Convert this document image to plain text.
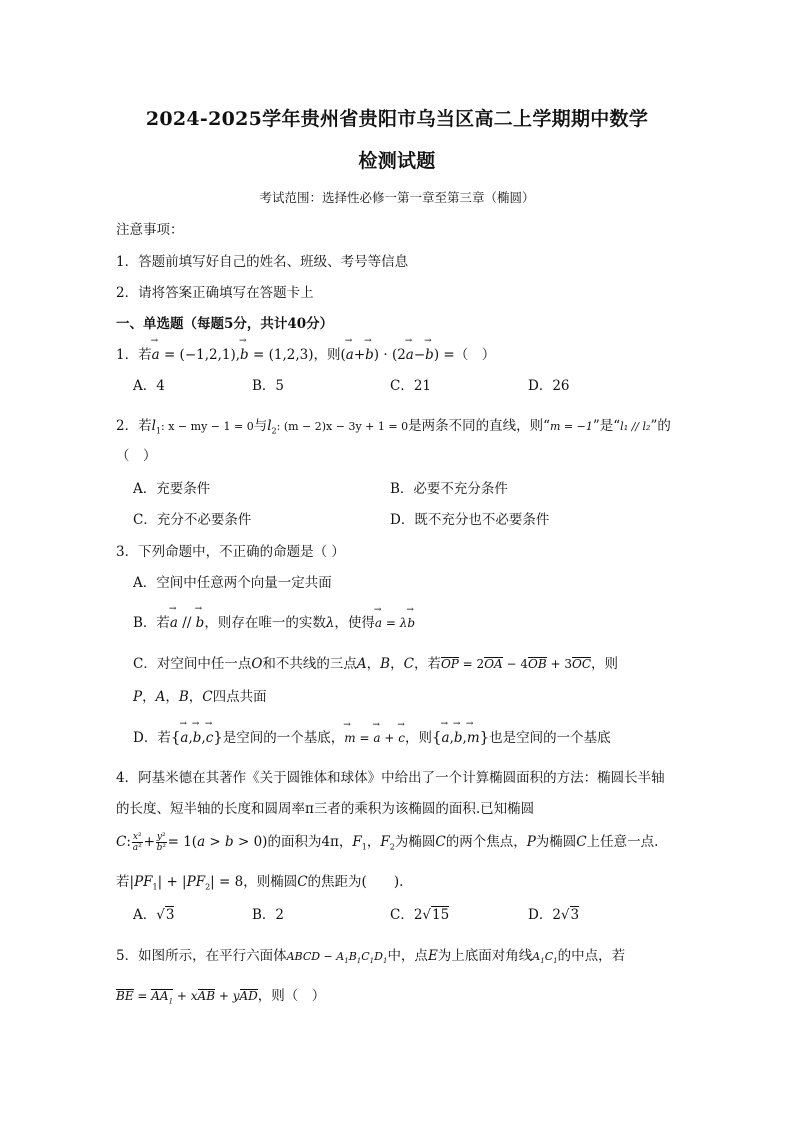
2024-2025学年贵州省贵阳市乌当区高二上学期期中数学
检测试题
考试范围：选择性必修一第一章至第三章（椭圆）
注意事项：
1．答题前填写好自己的姓名、班级、考号等信息
2．请将答案正确填写在答题卡上
一、单选题（每题5分，共计40分）
1．若→ a = (−1,2,1),→ b = (1,2,3)，则(→ a+→ b) · (2→ a−→ b) =（　）
A．4	B．5	C．21	D．26
2．若$l_1$: x − my − 1 = 0与$l_2$: (m − 2)x − 3y + 1 = 0是两条不同的直线，则“m = −1”是“l₁ // l₂”的
（　）
A．充要条件	B．必要不充分条件
C．充分不必要条件	D．既不充分也不必要条件
3．下列命题中，不正确的命题是（ ）
A．空间中任意两个向量一定共面
B．若→ a // → b，则存在唯一的实数λ，使得→ a = λ→ b
C．对空间中任一点O和不共线的三点A，B，C，若OP = 2OA − 4OB + 3OC，则
P，A，B，C四点共面
D．若{→ a,→ b,→ c}是空间的一个基底，→ m = → a + → c，则{→ a,→ b,→ m}也是空间的一个基底
4．阿基米德在其著作《关于圆锥体和球体》中给出了一个计算椭圆面积的方法：椭圆长半轴
的长度、短半轴的长度和圆周率π三者的乘积为该椭圆的面积.已知椭圆
C: $\frac{\text{x²}}{\text{a²}} + \frac{\text{y²}}{\text{b²}} = 1(a > b > 0)$的面积为4π，$F_1$，$F_2$为椭圆C的两个焦点，P为椭圆C上任意一点.
若$|PF_1| + |PF_2| = 8$，则椭圆C的焦距为(　　).
A．√3	B．2	C．2√15	D．2√3
5．如图所示，在平行六面体ABCD − $A_1B_1C_1D_1$中，点E为上底面对角线$A_1C_1$的中点，若
BE = $AA_1$ + xAB + yAD，则（　）
